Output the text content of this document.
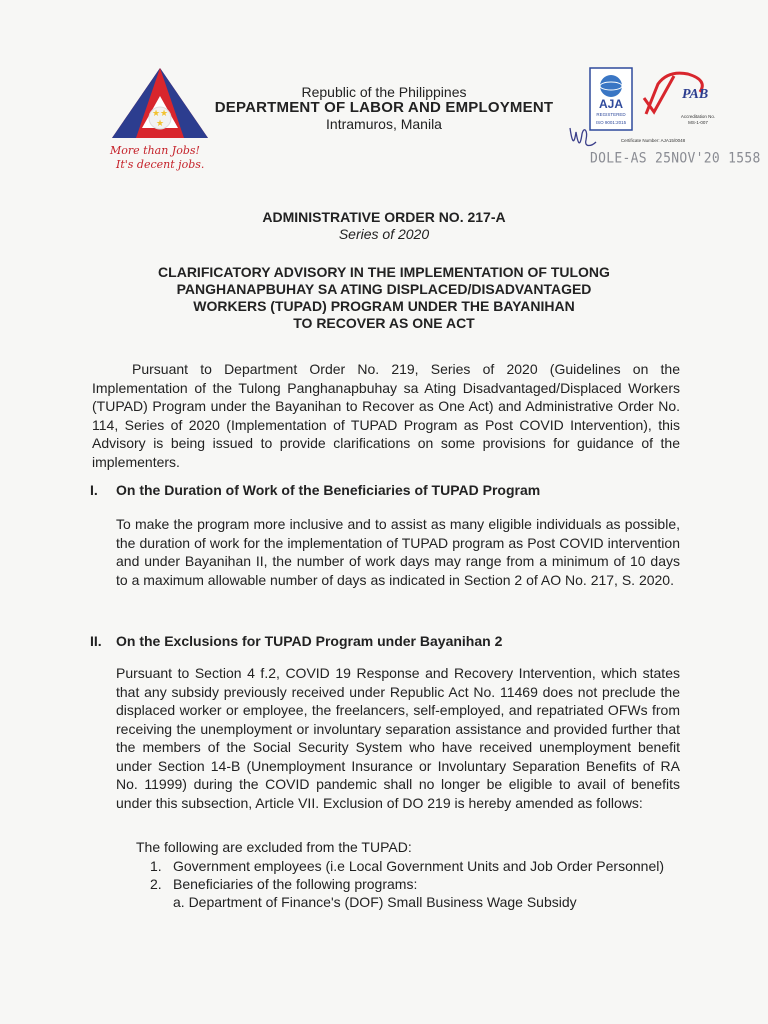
★ ★
★
More than Jobs!
It's decent jobs.
Republic of the Philippines
DEPARTMENT OF LABOR AND EMPLOYMENT
Intramuros, Manila
AJA
REGISTERED
ISO 9001:2015
PAB
Accreditation No.
MS-1-007
Certificate Number: AJA15/0048
DOLE-AS 25NOV'20 1558
ADMINISTRATIVE ORDER NO. 217-A
Series of 2020
CLARIFICATORY ADVISORY IN THE IMPLEMENTATION OF TULONG
PANGHANAPBUHAY SA ATING DISPLACED/DISADVANTAGED
WORKERS (TUPAD) PROGRAM UNDER THE BAYANIHAN
TO RECOVER AS ONE ACT
Pursuant to Department Order No. 219, Series of 2020 (Guidelines on the Implementation of the Tulong Panghanapbuhay sa Ating Disadvantaged/Displaced Workers (TUPAD) Program under the Bayanihan to Recover as One Act) and Administrative Order No. 114, Series of 2020 (Implementation of TUPAD Program as Post COVID Intervention), this Advisory is being issued to provide clarifications on some provisions for guidance of the implementers.
I. On the Duration of Work of the Beneficiaries of TUPAD Program
To make the program more inclusive and to assist as many eligible individuals as possible, the duration of work for the implementation of TUPAD program as Post COVID intervention and under Bayanihan II, the number of work days may range from a minimum of 10 days to a maximum allowable number of days as indicated in Section 2 of AO No. 217, S. 2020.
II. On the Exclusions for TUPAD Program under Bayanihan 2
Pursuant to Section 4 f.2, COVID 19 Response and Recovery Intervention, which states that any subsidy previously received under Republic Act No. 11469 does not preclude the displaced worker or employee, the freelancers, self-employed, and repatriated OFWs from receiving the unemployment or involuntary separation assistance and provided further that the members of the Social Security System who have received unemployment benefit under Section 14-B (Unemployment Insurance or Involuntary Separation Benefits of RA No. 11999) during the COVID pandemic shall no longer be eligible to avail of benefits under this subsection, Article VII. Exclusion of DO 219 is hereby amended as follows:
The following are excluded from the TUPAD:
1. Government employees (i.e Local Government Units and Job Order Personnel)
2. Beneficiaries of the following programs:
a. Department of Finance's (DOF) Small Business Wage Subsidy
